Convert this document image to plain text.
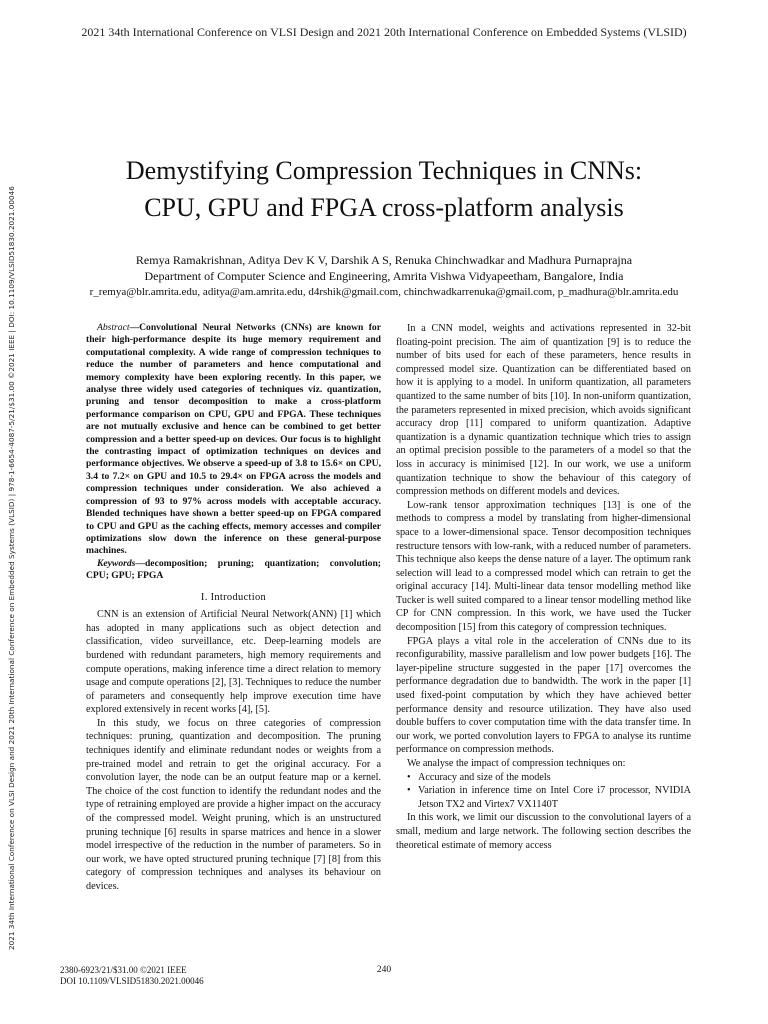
2021 34th International Conference on VLSI Design and 2021 20th International Conference on Embedded Systems (VLSID)
2021 34th International Conference on VLSI Design and 2021 20th International Conference on Embedded Systems (VLSID) | 978-1-6654-4087-5/21/$31.00 ©2021 IEEE | DOI: 10.1109/VLSID51830.2021.00046
Demystifying Compression Techniques in CNNs:
CPU, GPU and FPGA cross-platform analysis
Remya Ramakrishnan, Aditya Dev K V, Darshik A S, Renuka Chinchwadkar and Madhura Purnaprajna
Department of Computer Science and Engineering, Amrita Vishwa Vidyapeetham, Bangalore, India
r_remya@blr.amrita.edu, aditya@am.amrita.edu, d4rshik@gmail.com, chinchwadkarrenuka@gmail.com, p_madhura@blr.amrita.edu

Abstract—Convolutional Neural Networks (CNNs) are known for their high-performance despite its huge memory requirement and computational complexity. A wide range of compression techniques to reduce the number of parameters and hence computational and memory complexity have been exploring recently. In this paper, we analyse three widely used categories of techniques viz. quantization, pruning and tensor decomposition to make a cross-platform performance comparison on CPU, GPU and FPGA. These techniques are not mutually exclusive and hence can be combined to get better compression and a better speed-up on devices. Our focus is to highlight the contrasting impact of optimization techniques on devices and performance objectives. We observe a speed-up of 3.8 to 15.6× on CPU, 3.4 to 7.2× on GPU and 10.5 to 29.4× on FPGA across the models and compression techniques under consideration. We also achieved a compression of 93 to 97% across models with acceptable accuracy. Blended techniques have shown a better speed-up on FPGA compared to CPU and GPU as the caching effects, memory accesses and compiler optimizations slow down the inference on these general-purpose machines.

Keywords—decomposition; pruning; quantization; convolution; CPU; GPU; FPGA

I. Introduction

CNN is an extension of Artificial Neural Network(ANN) [1] which has adopted in many applications such as object detection and classification, video surveillance, etc. Deep-learning models are burdened with redundant parameters, high memory requirements and compute operations, making inference time a direct relation to memory usage and compute operations [2], [3]. Techniques to reduce the number of parameters and consequently help improve execution time have explored extensively in recent works [4], [5].

In this study, we focus on three categories of compression techniques: pruning, quantization and decomposition. The pruning techniques identify and eliminate redundant nodes or weights from a pre-trained model and retrain to get the original accuracy. For a convolution layer, the node can be an output feature map or a kernel. The choice of the cost function to identify the redundant nodes and the type of retraining employed are provide a higher impact on the accuracy of the compressed model. Weight pruning, which is an unstructured pruning technique [6] results in sparse matrices and hence in a slower model irrespective of the reduction in the number of parameters. So in our work, we have opted structured pruning technique [7] [8] from this category of compression techniques and analyses its behaviour on devices.

In a CNN model, weights and activations represented in 32-bit floating-point precision. The aim of quantization [9] is to reduce the number of bits used for each of these parameters, hence results in compressed model size. Quantization can be differentiated based on how it is applying to a model. In uniform quantization, all parameters quantized to the same number of bits [10]. In non-uniform quantization, the parameters represented in mixed precision, which avoids significant accuracy drop [11] compared to uniform quantization. Adaptive quantization is a dynamic quantization technique which tries to assign an optimal precision possible to the parameters of a model so that the loss in accuracy is minimised [12]. In our work, we use a uniform quantization technique to show the behaviour of this category of compression methods on different models and devices.

Low-rank tensor approximation techniques [13] is one of the methods to compress a model by translating from higher-dimensional space to a lower-dimensional space. Tensor decomposition techniques restructure tensors with low-rank, with a reduced number of parameters. This technique also keeps the dense nature of a layer. The optimum rank selection will lead to a compressed model which can retrain to get the original accuracy [14]. Multi-linear data tensor modelling method like Tucker is well suited compared to a linear tensor modelling method like CP for CNN compression. In this work, we have used the Tucker decomposition [15] from this category of compression techniques.

FPGA plays a vital role in the acceleration of CNNs due to its reconfigurability, massive parallelism and low power budgets [16]. The layer-pipeline structure suggested in the paper [17] overcomes the performance degradation due to bandwidth. The work in the paper [1] used fixed-point computation by which they have achieved better performance density and resource utilization. They have also used double buffers to cover computation time with the data transfer time. In our work, we ported convolution layers to FPGA to analyse its runtime performance on compression methods.

We analyse the impact of compression techniques on:

• Accuracy and size of the models
• Variation in inference time on Intel Core i7 processor, NVIDIA Jetson TX2 and Virtex7 VX1140T

In this work, we limit our discussion to the convolutional layers of a small, medium and large network. The following section describes the theoretical estimate of memory access

2380-6923/21/$31.00 ©2021 IEEE
DOI 10.1109/VLSID51830.2021.00046
240
